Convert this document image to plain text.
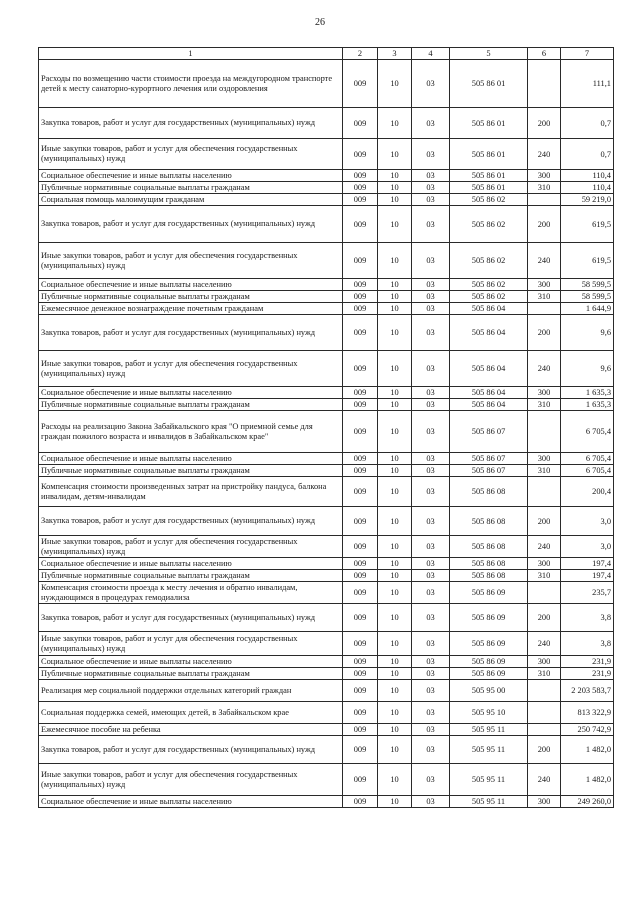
26
1	2	3	4	5	6	7
Расходы по возмещению части стоимости проезда на междугородном транспорте детей к месту санаторно-курортного лечения или оздоровления	009	10	03	505 86 01		111,1
Закупка товаров, работ и услуг для государственных (муниципальных) нужд	009	10	03	505 86 01	200	0,7
Иные закупки товаров, работ и услуг для обеспечения государственных (муниципальных) нужд	009	10	03	505 86 01	240	0,7
Социальное обеспечение и иные выплаты населению	009	10	03	505 86 01	300	110,4
Публичные нормативные социальные выплаты гражданам	009	10	03	505 86 01	310	110,4
Социальная помощь малоимущим гражданам	009	10	03	505 86 02		59 219,0
Закупка товаров, работ и услуг для государственных (муниципальных) нужд	009	10	03	505 86 02	200	619,5
Иные закупки товаров, работ и услуг для обеспечения государственных (муниципальных) нужд	009	10	03	505 86 02	240	619,5
Социальное обеспечение и иные выплаты населению	009	10	03	505 86 02	300	58 599,5
Публичные нормативные социальные выплаты гражданам	009	10	03	505 86 02	310	58 599,5
Ежемесячное денежное вознаграждение почетным гражданам	009	10	03	505 86 04		1 644,9
Закупка товаров, работ и услуг для государственных (муниципальных) нужд	009	10	03	505 86 04	200	9,6
Иные закупки товаров, работ и услуг для обеспечения государственных (муниципальных) нужд	009	10	03	505 86 04	240	9,6
Социальное обеспечение и иные выплаты населению	009	10	03	505 86 04	300	1 635,3
Публичные нормативные социальные выплаты гражданам	009	10	03	505 86 04	310	1 635,3
Расходы на реализацию Закона Забайкальского края "О приемной семье для граждан пожилого возраста и инвалидов в Забайкальском крае"	009	10	03	505 86 07		6 705,4
Социальное обеспечение и иные выплаты населению	009	10	03	505 86 07	300	6 705,4
Публичные нормативные социальные выплаты гражданам	009	10	03	505 86 07	310	6 705,4
Компенсация стоимости произведенных затрат на пристройку пандуса, балкона инвалидам, детям-инвалидам	009	10	03	505 86 08		200,4
Закупка товаров, работ и услуг для государственных (муниципальных) нужд	009	10	03	505 86 08	200	3,0
Иные закупки товаров, работ и услуг для обеспечения государственных (муниципальных) нужд	009	10	03	505 86 08	240	3,0
Социальное обеспечение и иные выплаты населению	009	10	03	505 86 08	300	197,4
Публичные нормативные социальные выплаты гражданам	009	10	03	505 86 08	310	197,4
Компенсация стоимости проезда к месту лечения и обратно инвалидам, нуждающимся в процедурах гемодиализа	009	10	03	505 86 09		235,7
Закупка товаров, работ и услуг для государственных (муниципальных) нужд	009	10	03	505 86 09	200	3,8
Иные закупки товаров, работ и услуг для обеспечения государственных (муниципальных) нужд	009	10	03	505 86 09	240	3,8
Социальное обеспечение и иные выплаты населению	009	10	03	505 86 09	300	231,9
Публичные нормативные социальные выплаты гражданам	009	10	03	505 86 09	310	231,9
Реализация мер социальной поддержки отдельных категорий граждан	009	10	03	505 95 00		2 203 583,7
Социальная поддержка семей, имеющих детей, в Забайкальском крае	009	10	03	505 95 10		813 322,9
Ежемесячное пособие на ребенка	009	10	03	505 95 11		250 742,9
Закупка товаров, работ и услуг для государственных (муниципальных) нужд	009	10	03	505 95 11	200	1 482,0
Иные закупки товаров, работ и услуг для обеспечения государственных (муниципальных) нужд	009	10	03	505 95 11	240	1 482,0
Социальное обеспечение и иные выплаты населению	009	10	03	505 95 11	300	249 260,0
